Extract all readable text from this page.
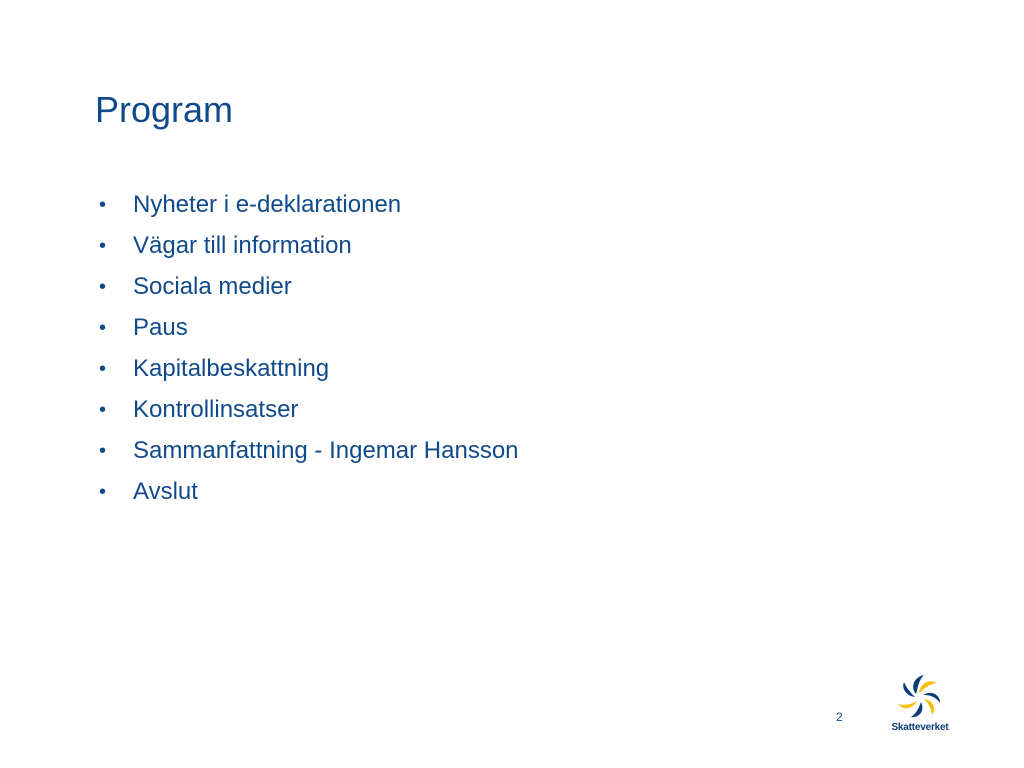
Program
• Nyheter i e-deklarationen
• Vägar till information
• Sociala medier
• Paus
• Kapitalbeskattning
• Kontrollinsatser
• Sammanfattning - Ingemar Hansson
• Avslut
2
Skatteverket
